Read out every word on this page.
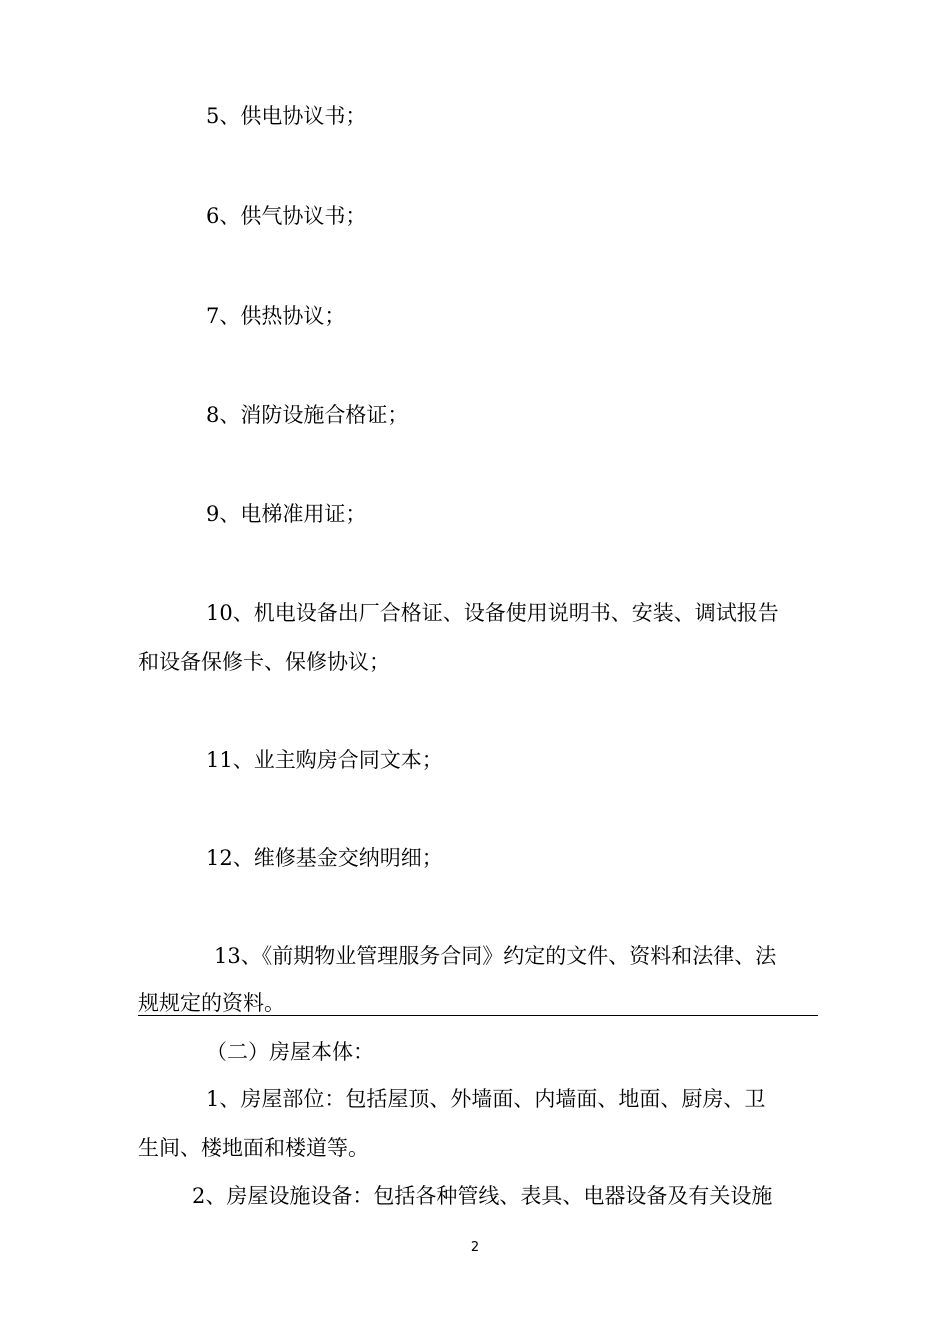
5、供电协议书；

6、供气协议书；

7、供热协议；

8、消防设施合格证；

9、电梯准用证；

10、机电设备出厂合格证、设备使用说明书、安装、调试报告

和设备保修卡、保修协议；

11、业主购房合同文本；

12、维修基金交纳明细；

13、《前期物业管理服务合同》约定的文件、资料和法律、法

规规定的资料。

（二）房屋本体：

1、房屋部位：包括屋顶、外墙面、内墙面、地面、厨房、卫

生间、楼地面和楼道等。

2、房屋设施设备：包括各种管线、表具、电器设备及有关设施

2
